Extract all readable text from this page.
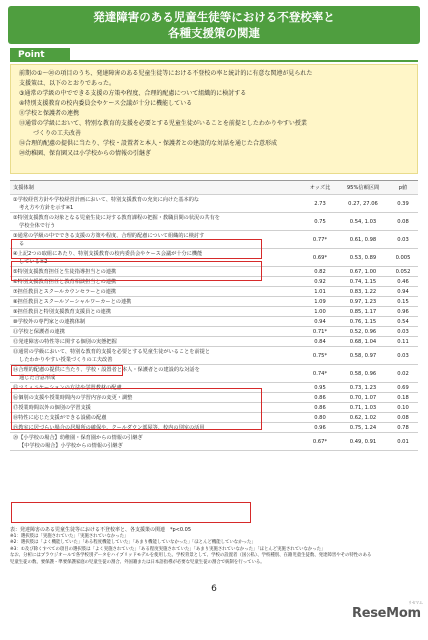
発達障害のある児童生徒等における不登校率と
各種支援策の関連
Point

前期の①～⑳の項目のうち、発達障害のある児童生徒等における不登校の率と統計的に有意な関連が見られた

支援策は、以下のとおりであった。

③通常の学級の中でできる支援の方策や程度、合理的配慮について組織的に検討する

④特別支援教育の校内委員会やケース会議が十分に機能している

⑪学校と保護者の連携

⑬通常の学級において、特別な教育的支援を必要とする児童生徒がいることを前提としたわかりやすい授業

づくりの工夫改善

⑭合理的配慮の提供に当たり、学校・設置者と本人・保護者との建設的な対話を通じた合意形成

⑳幼稚園、保育園又は小学校からの情報の引継ぎ

支援体制	オッズ比	95%信頼区間	p値

①学校経営方針や学校経営計画において、特別支援教育の充実に向けた基本的な
考え方や方針を示す※1	2.73	0.27, 27.06	0.39

②特別支援教育の対象となる児童生徒に対する教育課程の把握・教職員間の状況の共有を
学校全体で行う	0.75	0.54, 1.03	0.08

③通常の学級の中でできる支援の方策や程度、合理的配慮について組織的に検討す
る	0.77*	0.61, 0.98	0.03

④上記2つの取組にあたり、特別支援教育の校内委員会やケース会議が十分に機能
している※2	0.69*	0.53, 0.89	0.005

⑤特別支援教育担任と生徒指導担当との連携	0.82	0.67, 1.00	0.052

⑥特別支援教育担任と教育相談担当との連携	0.92	0.74, 1.15	0.46

⑦担任教員とスクールカウンセラーとの連携	1.01	0.83, 1.22	0.94

⑧担任教員とスクールソーシャルワーカーとの連携	1.09	0.97, 1.23	0.15

⑨担任教員と特別支援教育支援員との連携	1.00	0.85, 1.17	0.96

⑩学校外の専門家との連携体制	0.94	0.76, 1.15	0.54

⑪学校と保護者の連携	0.71*	0.52, 0.96	0.03

⑫発達障害の特性等に関する個別の実態把握	0.84	0.68, 1.04	0.11

⑬通常の学級において、特別な教育的支援を必要とする児童生徒がいることを前提と
したわかりやすい授業づくりの工夫改善	0.75*	0.58, 0.97	0.03

⑭合理的配慮の提供に当たり、学校・設置者と本人・保護者との建設的な対話を
通じた合意形成	0.74*	0.58, 0.96	0.02

⑮コミュニケーションの方法や学習教材の配慮	0.95	0.73, 1.23	0.69

⑯個別の支援や授業時間内の学習内容の変更・調整	0.86	0.70, 1.07	0.18

⑰授業時間以外の個別の学習支援	0.86	0.71, 1.03	0.10

⑱特性に応じた支援ができる設備の配慮	0.80	0.62, 1.02	0.08

⑲教室に居づらい場合の居場所の確保や、クールダウン部屋等、校内の別室の活用	0.96	0.75, 1.24	0.78

⑳【小学校の場合】幼稚園・保育園からの情報の引継ぎ
【中学校の場合】小学校からの情報の引継ぎ	0.67*	0.49, 0.91	0.01

表：発達障害のある児童生徒等における不登校率と、各支援策の関連　*p<0.05

※1：選択肢は「実施されていた」「実施されていなかった」

※2：選択肢は「よく機能していた」「ある程度機能していた」「あまり機能していなかった」「ほとんど機能していなかった」

※3：①及び除くすべての項目の選択肢は「よく実施されていた」「ある程度実施されていた」「あまり実施されていなかった」「ほとんど実施されていなかった」

なお、分析にはブラウジオールで各学校別データをハイブリッドモデルを使用した。学校背景として、学校の設置者（国公私）、学校種別、在籍児童生徒数、発達障害やその特性のある

児童生徒の数、要保護・準要保護家庭の児童生徒の割合、外国籍または日本語指導が必要な児童生徒の割合で統制を行っている。

6
ReseMom
リセマム
